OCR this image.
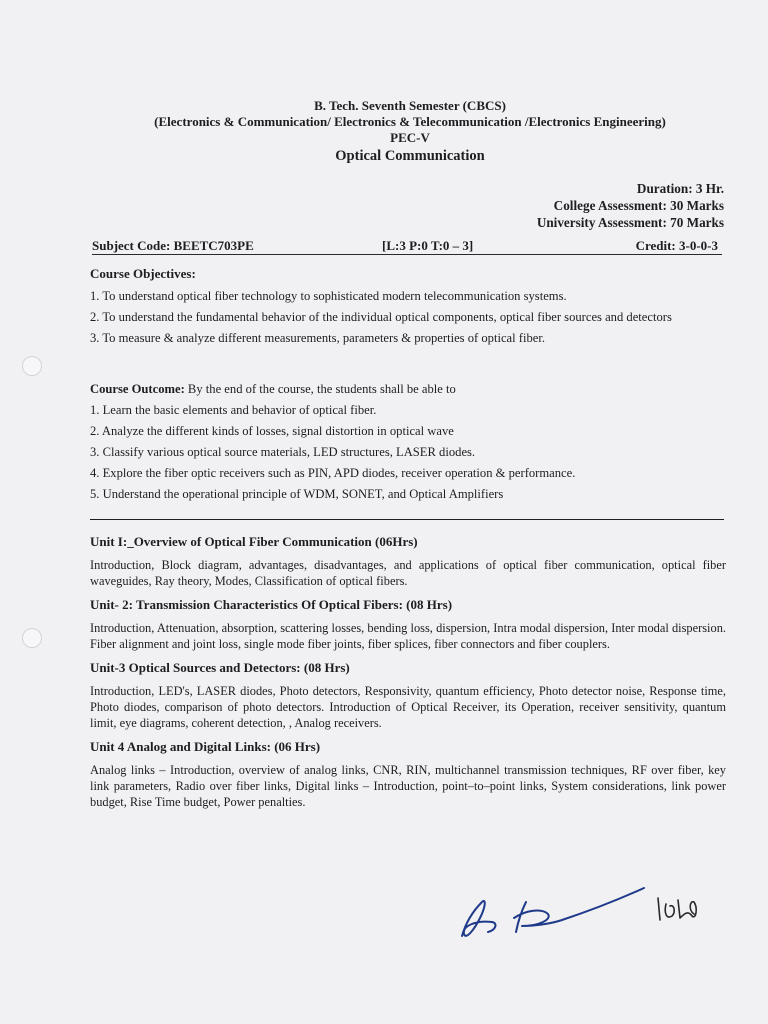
B. Tech. Seventh Semester (CBCS)
(Electronics & Communication/ Electronics & Telecommunication /Electronics Engineering)
PEC-V
Optical Communication
Duration: 3 Hr.
College Assessment: 30 Marks
University Assessment: 70 Marks
Subject Code: BEETC703PE	[L:3 P:0 T:0 – 3]	Credit: 3-0-0-3
Course Objectives:

1. To understand optical fiber technology to sophisticated modern telecommunication systems.

2. To understand the fundamental behavior of the individual optical components, optical fiber sources and detectors

3. To measure & analyze different measurements, parameters & properties of optical fiber.

Course Outcome: By the end of the course, the students shall be able to

1. Learn the basic elements and behavior of optical fiber.

2. Analyze the different kinds of losses, signal distortion in optical wave

3. Classify various optical source materials, LED structures, LASER diodes.

4. Explore the fiber optic receivers such as PIN, APD diodes, receiver operation & performance.

5. Understand the operational principle of WDM, SONET, and Optical Amplifiers

Unit I:_Overview of Optical Fiber Communication (06Hrs)
Introduction, Block diagram, advantages, disadvantages, and applications of optical fiber communication, optical fiber waveguides, Ray theory, Modes, Classification of optical fibers.
Unit- 2: Transmission Characteristics Of Optical Fibers: (08 Hrs)
Introduction, Attenuation, absorption, scattering losses, bending loss, dispersion, Intra modal dispersion, Inter modal dispersion. Fiber alignment and joint loss, single mode fiber joints, fiber splices, fiber connectors and fiber couplers.
Unit-3 Optical Sources and Detectors: (08 Hrs)
Introduction, LED's, LASER diodes, Photo detectors, Responsivity, quantum efficiency, Photo detector noise, Response time, Photo diodes, comparison of photo detectors. Introduction of Optical Receiver, its Operation, receiver sensitivity, quantum limit, eye diagrams, coherent detection, , Analog receivers.
Unit 4 Analog and Digital Links: (06 Hrs)
Analog links – Introduction, overview of analog links, CNR, RIN, multichannel transmission techniques, RF over fiber, key link parameters, Radio over fiber links, Digital links – Introduction, point–to–point links, System considerations, link power budget, Rise Time budget, Power penalties.
